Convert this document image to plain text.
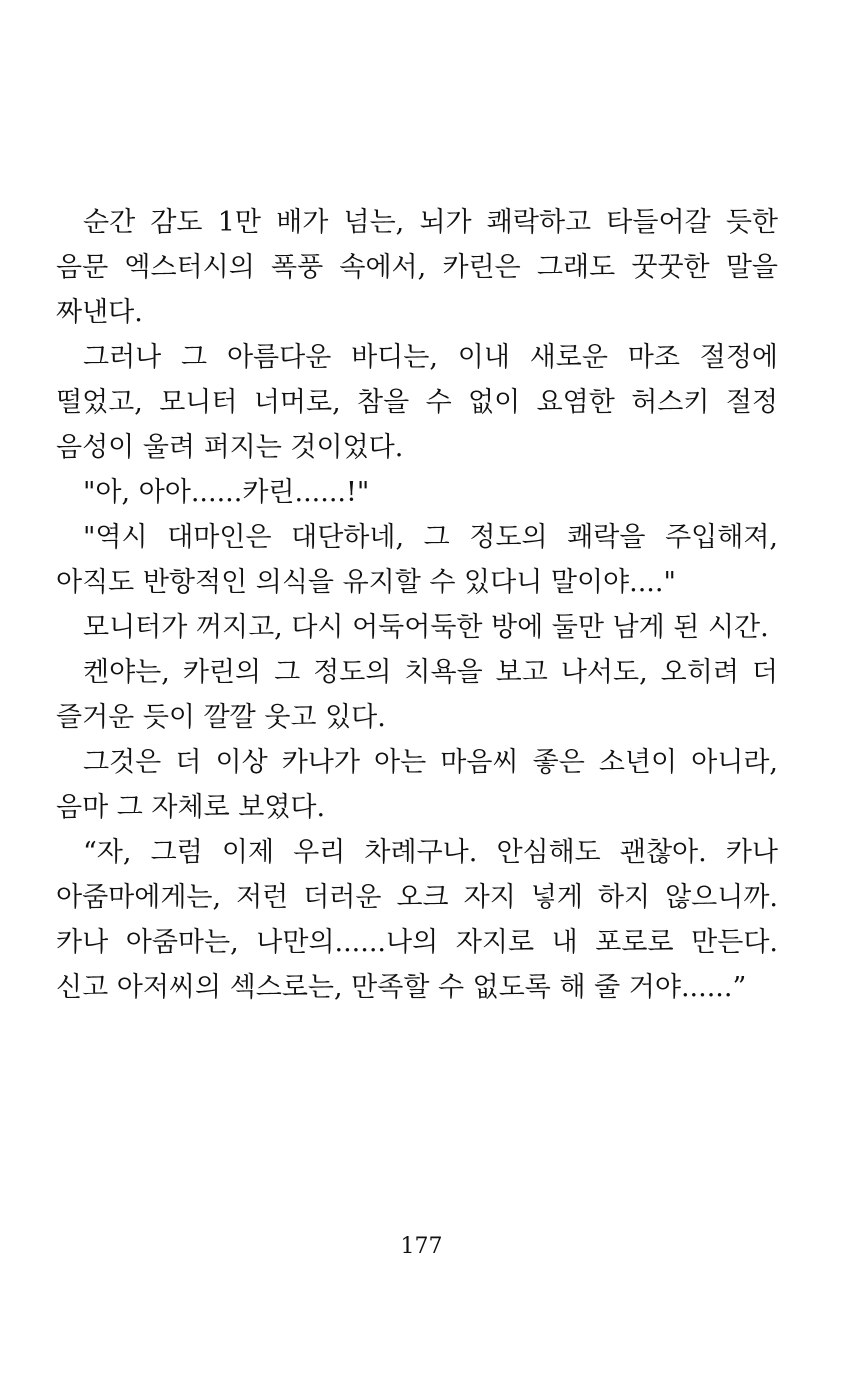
순간 감도 1만 배가 넘는, 뇌가 쾌락하고 타들어갈 듯한 음문 엑스터시의 폭풍 속에서, 카린은 그래도 꿋꿋한 말을 짜낸다.

그러나 그 아름다운 바디는, 이내 새로운 마조 절정에 떨었고, 모니터 너머로, 참을 수 없이 요염한 허스키 절정 음성이 울려 퍼지는 것이었다.

"아, 아아......카린......!"

"역시 대마인은 대단하네, 그 정도의 쾌락을 주입해져, 아직도 반항적인 의식을 유지할 수 있다니 말이야...."

모니터가 꺼지고, 다시 어둑어둑한 방에 둘만 남게 된 시간.

켄야는, 카린의 그 정도의 치욕을 보고 나서도, 오히려 더 즐거운 듯이 깔깔 웃고 있다.

그것은 더 이상 카나가 아는 마음씨 좋은 소년이 아니라, 음마 그 자체로 보였다.

“자, 그럼 이제 우리 차례구나. 안심해도 괜찮아. 카나 아줌마에게는, 저런 더러운 오크 자지 넣게 하지 않으니까. 카나 아줌마는, 나만의......나의 자지로 내 포로로 만든다. 신고 아저씨의 섹스로는, 만족할 수 없도록 해 줄 거야......”

177
